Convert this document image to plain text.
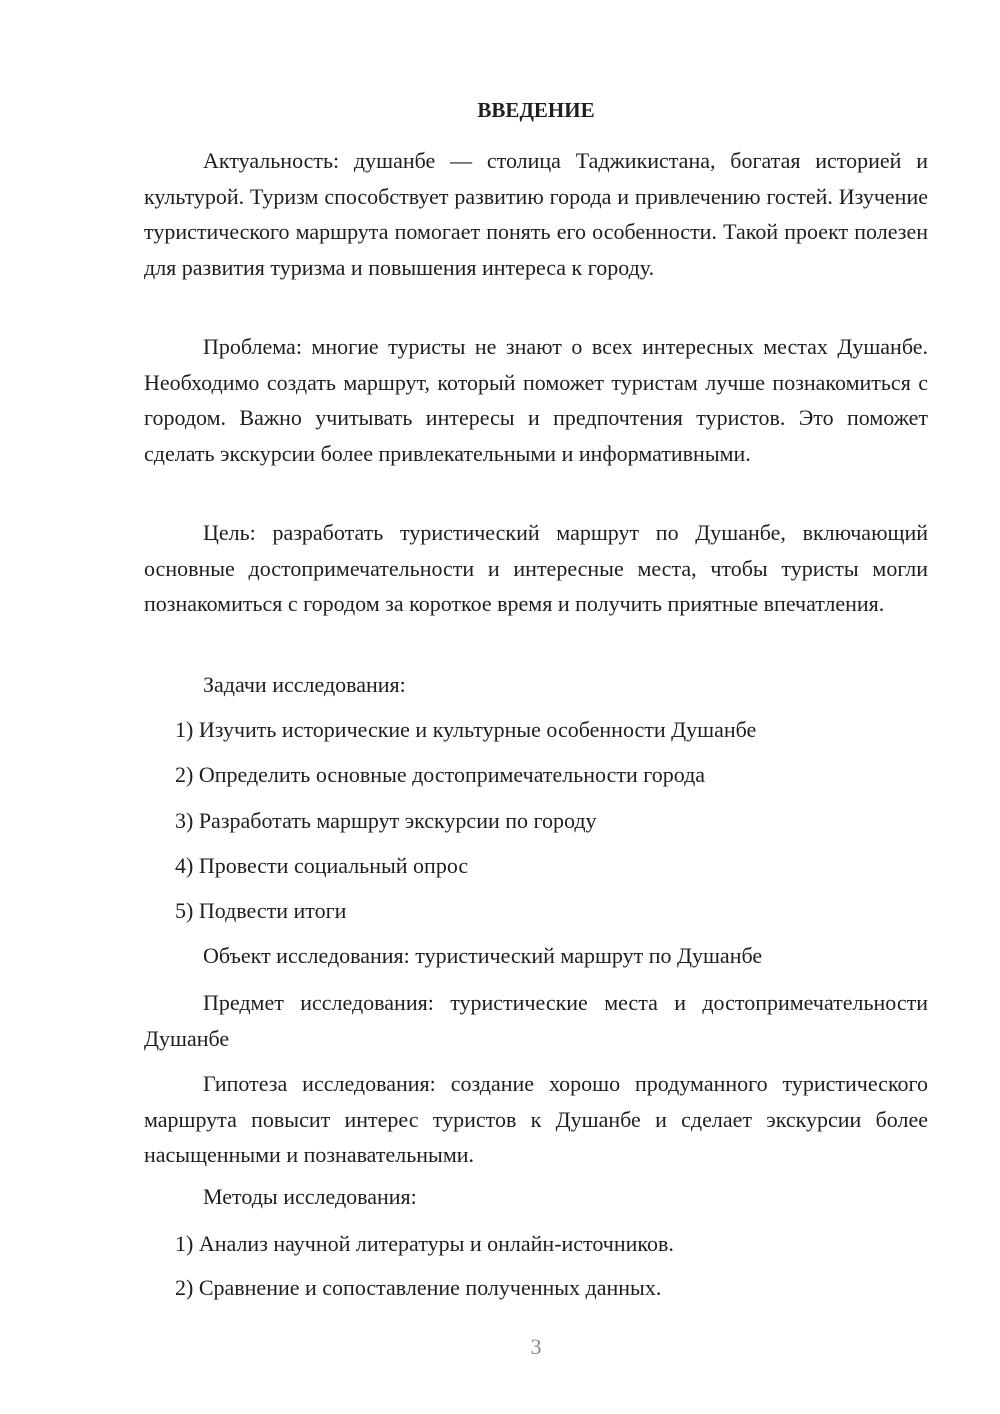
ВВЕДЕНИЕ

Актуальность: душанбе — столица Таджикистана, богатая историей и культурой. Туризм способствует развитию города и привлечению гостей. Изучение туристического маршрута помогает понять его особенности. Такой проект полезен для развития туризма и повышения интереса к городу.

Проблема: многие туристы не знают о всех интересных местах Душанбе. Необходимо создать маршрут, который поможет туристам лучше познакомиться с городом. Важно учитывать интересы и предпочтения туристов. Это поможет сделать экскурсии более привлекательными и информативными.

Цель: разработать туристический маршрут по Душанбе, включающий основные достопримечательности и интересные места, чтобы туристы могли познакомиться с городом за короткое время и получить приятные впечатления.

Задачи исследования:

1) Изучить исторические и культурные особенности Душанбе

2) Определить основные достопримечательности города

3) Разработать маршрут экскурсии по городу

4) Провести социальный опрос

5) Подвести итоги

Объект исследования: туристический маршрут по Душанбе

Предмет исследования: туристические места и достопримечательности Душанбе

Гипотеза исследования: создание хорошо продуманного туристического маршрута повысит интерес туристов к Душанбе и сделает экскурсии более насыщенными и познавательными.

Методы исследования:

1) Анализ научной литературы и онлайн-источников.

2) Сравнение и сопоставление полученных данных.

3
